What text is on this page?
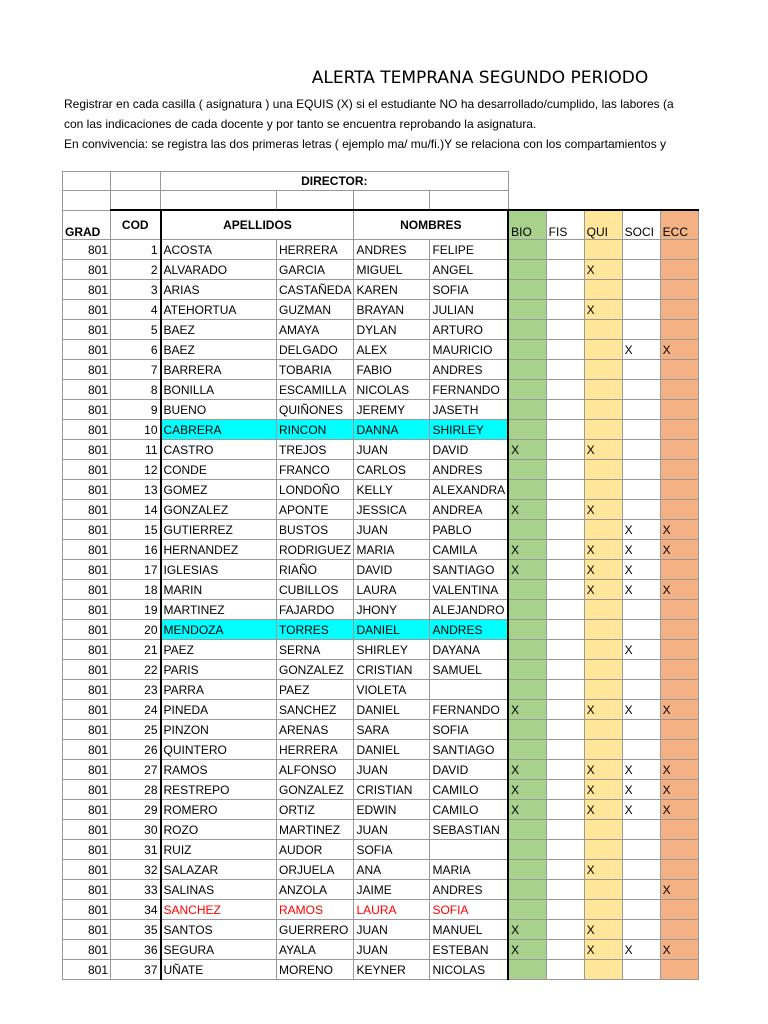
ALERTA TEMPRANA SEGUNDO PERIODO
Registrar en cada casilla ( asignatura ) una EQUIS (X) si el estudiante NO ha desarrollado/cumplido, las labores (a
con las indicaciones de cada docente y por tanto se encuentra reprobando la asignatura.
En convivencia: se registra las dos primeras letras ( ejemplo ma/ mu/fi.)Y se relaciona con los compartamientos y
		DIRECTOR:								

GRAD	COD	APELLIDOS		NOMBRES		BIO	FIS	QUI	SOCI	ECC
801	1	ACOSTA	HERRERA	ANDRES	FELIPE					
801	2	ALVARADO	GARCIA	MIGUEL	ANGEL			X		
801	3	ARIAS	CASTAÑEDA	KAREN	SOFIA					
801	4	ATEHORTUA	GUZMAN	BRAYAN	JULIAN			X		
801	5	BAEZ	AMAYA	DYLAN	ARTURO					
801	6	BAEZ	DELGADO	ALEX	MAURICIO				X	X
801	7	BARRERA	TOBARIA	FABIO	ANDRES					
801	8	BONILLA	ESCAMILLA	NICOLAS	FERNANDO					
801	9	BUENO	QUIÑONES	JEREMY	JASETH					
801	10	CABRERA	RINCON	DANNA	SHIRLEY					
801	11	CASTRO	TREJOS	JUAN	DAVID	X		X		
801	12	CONDE	FRANCO	CARLOS	ANDRES					
801	13	GOMEZ	LONDOÑO	KELLY	ALEXANDRA					
801	14	GONZALEZ	APONTE	JESSICA	ANDREA	X		X		
801	15	GUTIERREZ	BUSTOS	JUAN	PABLO				X	X
801	16	HERNANDEZ	RODRIGUEZ	MARIA	CAMILA	X		X	X	X
801	17	IGLESIAS	RIAÑO	DAVID	SANTIAGO	X		X	X	
801	18	MARIN	CUBILLOS	LAURA	VALENTINA			X	X	X
801	19	MARTINEZ	FAJARDO	JHONY	ALEJANDRO					
801	20	MENDOZA	TORRES	DANIEL	ANDRES					
801	21	PAEZ	SERNA	SHIRLEY	DAYANA				X	
801	22	PARIS	GONZALEZ	CRISTIAN	SAMUEL					
801	23	PARRA	PAEZ	VIOLETA						
801	24	PINEDA	SANCHEZ	DANIEL	FERNANDO	X		X	X	X
801	25	PINZON	ARENAS	SARA	SOFIA					
801	26	QUINTERO	HERRERA	DANIEL	SANTIAGO					
801	27	RAMOS	ALFONSO	JUAN	DAVID	X		X	X	X
801	28	RESTREPO	GONZALEZ	CRISTIAN	CAMILO	X		X	X	X
801	29	ROMERO	ORTIZ	EDWIN	CAMILO	X		X	X	X
801	30	ROZO	MARTINEZ	JUAN	SEBASTIAN					
801	31	RUIZ	AUDOR	SOFIA						
801	32	SALAZAR	ORJUELA	ANA	MARIA			X		
801	33	SALINAS	ANZOLA	JAIME	ANDRES					X
801	34	SANCHEZ	RAMOS	LAURA	SOFIA					
801	35	SANTOS	GUERRERO	JUAN	MANUEL	X		X		
801	36	SEGURA	AYALA	JUAN	ESTEBAN	X		X	X	X
801	37	UÑATE	MORENO	KEYNER	NICOLAS					
